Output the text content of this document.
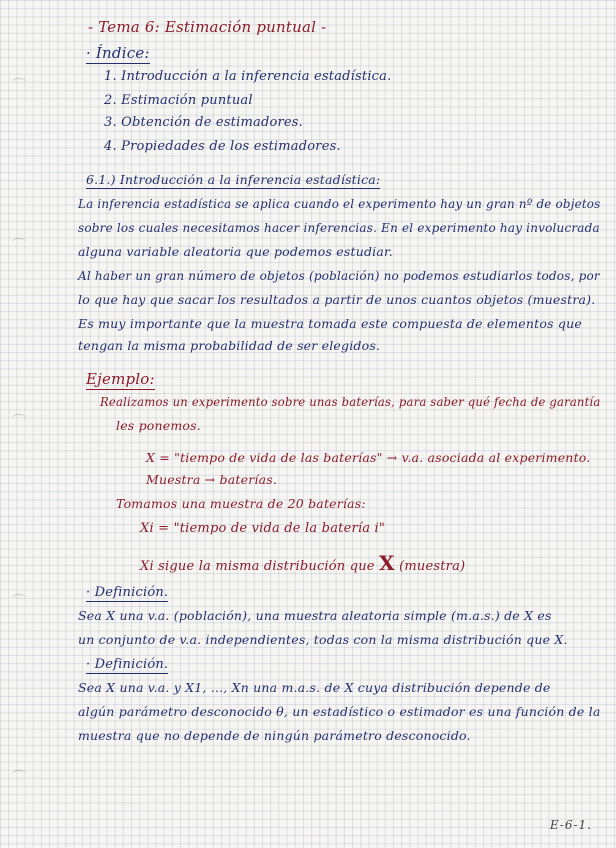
- Tema 6: Estimación puntual -
· Índice:
1. Introducción a la inferencia estadística.
2. Estimación puntual
3. Obtención de estimadores.
4. Propiedades de los estimadores.
6.1.) Introducción a la inferencia estadística:
La inferencia estadística se aplica cuando el experimento hay un gran nº de objetos
sobre los cuales necesitamos hacer inferencias. En el experimento hay involucrada
alguna variable aleatoria que podemos estudiar.
Al haber un gran número de objetos (población) no podemos estudiarlos todos, por
lo que hay que sacar los resultados a partir de unos cuantos objetos (muestra).
Es muy importante que la muestra tomada este compuesta de elementos que
tengan la misma probabilidad de ser elegidos.
Ejemplo:
Realizamos un experimento sobre unas baterías, para saber qué fecha de garantía
les ponemos.
X = "tiempo de vida de las baterías" → v.a. asociada al experimento.
Muestra → baterías.
Tomamos una muestra de 20 baterías:
Xi = "tiempo de vida de la batería i"
Xi sigue la misma distribución que X (muestra)
· Definición.
Sea X una v.a. (población), una muestra aleatoria simple (m.a.s.) de X es
un conjunto de v.a. independientes, todas con la misma distribución que X.
· Definición.
Sea X una v.a. y X1, ..., Xn una m.a.s. de X cuya distribución depende de
algún parámetro desconocido θ, un estadístico o estimador es una función de la
muestra que no depende de ningún parámetro desconocido.
E-6-1.
